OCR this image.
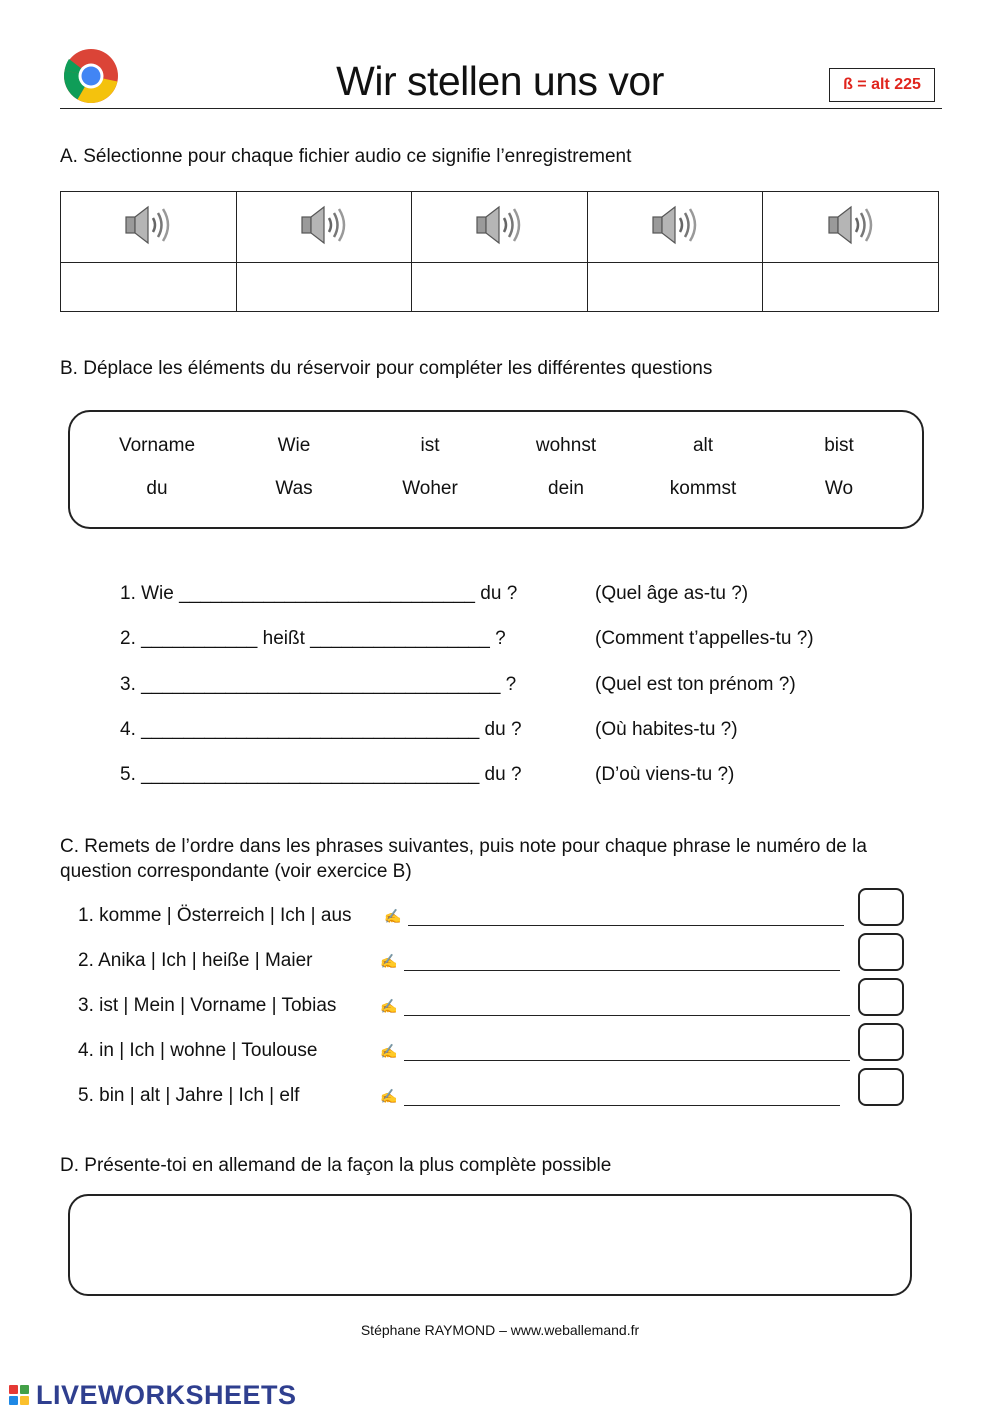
Wir stellen uns vor	ß = alt 225
A. Sélectionne pour chaque fichier audio ce signifie l’enregistrement

B. Déplace les éléments du réservoir pour compléter les différentes questions
Vorname	Wie	ist	wohnst	alt	bist
du	Was	Woher	dein	kommst	Wo
1. Wie ____________________________ du ?	(Quel âge as-tu ?)
2. ___________ heißt _________________ ?	(Comment t’appelles-tu ?)
3. __________________________________ ?	(Quel est ton prénom ?)
4. ________________________________ du ?	(Où habites-tu ?)
5. ________________________________ du ?	(D’où viens-tu ?)
C. Remets de l’ordre dans les phrases suivantes, puis note pour chaque phrase le numéro de la question correspondante (voir exercice B)
1. komme | Österreich | Ich | aus ✍
2. Anika | Ich | heiße | Maier	✍
3. ist | Mein | Vorname | Tobias	✍
4. in | Ich | wohne | Toulouse	✍
5. bin | alt | Jahre | Ich | elf	✍
D. Présente-toi en allemand de la façon la plus complète possible
Stéphane RAYMOND – www.weballemand.fr

LIVEWORKSHEETS
